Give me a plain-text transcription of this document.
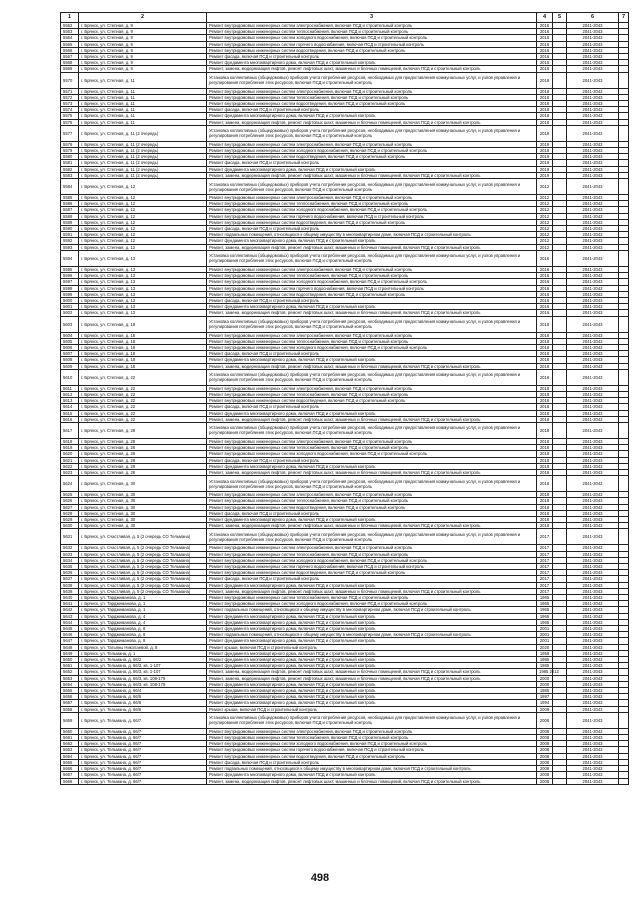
1	2	3	4	5	6	7
5562	г. Брянск, ул. Степная, д. 9	Ремонт внутридомовых инженерных систем электроснабжения, включая ПСД и строительный контроль	2016		2041-2043	
5563	г. Брянск, ул. Степная, д. 9	Ремонт внутридомовых инженерных систем теплоснабжения, включая ПСД и строительный контроль	2016		2041-2043	
5564	г. Брянск, ул. Степная, д. 9	Ремонт внутридомовых инженерных систем холодного водоснабжения, включая ПСД и строительный контроль	2016		2041-2043	
5565	г. Брянск, ул. Степная, д. 9	Ремонт внутридомовых инженерных систем горячего водоснабжения, включая ПСД и строительный контроль	2016		2041-2043	
5566	г. Брянск, ул. Степная, д. 9	Ремонт внутридомовых инженерных систем водоотведения, включая ПСД и строительный контроль	2016		2041-2043	
5567	г. Брянск, ул. Степная, д. 9	Ремонт фасада, включая ПСД и строительный контроль	2016		2041-2043	
5568	г. Брянск, ул. Степная, д. 9	Ремонт фундамента многоквартирного дома, включая ПСД и строительный контроль	2015		2041-2043	
5569	г. Брянск, ул. Степная, д. 9	Ремонт, замена, модернизация лифтов, ремонт лифтовых шахт, машинных и блочных помещений, включая ПСД и строительный контроль	2016		2041-2043	
5570	г. Брянск, ул. Степная, д. 11	Установка коллективных (общедомовых) приборов учета потребления ресурсов, необходимых для предоставления коммунальных услуг, и узлов управления и регулирования потребления этих ресурсов, включая ПСД и строительный контроль	2018		2041-2043	
5571	г. Брянск, ул. Степная, д. 11	Ремонт внутридомовых инженерных систем электроснабжения, включая ПСД и строительный контроль	2018		2041-2043	
5572	г. Брянск, ул. Степная, д. 11	Ремонт внутридомовых инженерных систем теплоснабжения, включая ПСД и строительный контроль	2018		2041-2043	
5573	г. Брянск, ул. Степная, д. 11	Ремонт внутридомовых инженерных систем водоотведения, включая ПСД и строительный контроль	2018		2041-2043	
5574	г. Брянск, ул. Степная, д. 11	Ремонт фасада, включая ПСД и строительный контроль	2018		2041-2043	
5575	г. Брянск, ул. Степная, д. 11	Ремонт фундамента многоквартирного дома, включая ПСД и строительный контроль	2018		2041-2043	
5576	г. Брянск, ул. Степная, д. 11	Ремонт, замена, модернизация лифтов, ремонт лифтовых шахт, машинных и блочных помещений, включая ПСД и строительный контроль	2018		2041-2043	
5577	г. Брянск, ул. Степная, д. 11 (2 очередь)	Установка коллективных (общедомовых) приборов учета потребления ресурсов, необходимых для предоставления коммунальных услуг, и узлов управления и регулирования потребления этих ресурсов, включая ПСД и строительный контроль	2019		2041-2043	
5578	г. Брянск, ул. Степная, д. 11 (2 очередь)	Ремонт внутридомовых инженерных систем электроснабжения, включая ПСД и строительный контроль	2019		2041-2043	
5579	г. Брянск, ул. Степная, д. 11 (2 очередь)	Ремонт внутридомовых инженерных систем холодного водоснабжения, включая ПСД и строительный контроль	2019		2041-2043	
5580	г. Брянск, ул. Степная, д. 11 (2 очередь)	Ремонт внутридомовых инженерных систем водоотведения, включая ПСД и строительный контроль	2019		2041-2043	
5581	г. Брянск, ул. Степная, д. 11 (2 очередь)	Ремонт фасада, включая ПСД и строительный контроль	2019		2041-2043	
5582	г. Брянск, ул. Степная, д. 11 (2 очередь)	Ремонт фундамента многоквартирного дома, включая ПСД и строительный контроль	2019		2041-2043	
5583	г. Брянск, ул. Степная, д. 11 (2 очередь)	Ремонт, замена, модернизация лифтов, ремонт лифтовых шахт, машинных и блочных помещений, включая ПСД и строительный контроль	2019		2041-2043	
5584	г. Брянск, ул. Степная, д. 12	Установка коллективных (общедомовых) приборов учета потребления ресурсов, необходимых для предоставления коммунальных услуг, и узлов управления и регулирования потребления этих ресурсов, включая ПСД и строительный контроль	2012		2041-2043	
5585	г. Брянск, ул. Степная, д. 12	Ремонт внутридомовых инженерных систем электроснабжения, включая ПСД и строительный контроль	2012		2041-2043	
5586	г. Брянск, ул. Степная, д. 12	Ремонт внутридомовых инженерных систем теплоснабжения, включая ПСД и строительный контроль	2012		2041-2043	
5587	г. Брянск, ул. Степная, д. 12	Ремонт внутридомовых инженерных систем холодного водоснабжения, включая ПСД и строительный контроль	2012		2041-2043	
5588	г. Брянск, ул. Степная, д. 12	Ремонт внутридомовых инженерных систем горячего водоснабжения, включая ПСД и строительный контроль	2012		2041-2043	
5589	г. Брянск, ул. Степная, д. 12	Ремонт внутридомовых инженерных систем водоотведения, включая ПСД и строительный контроль	2012		2041-2043	
5590	г. Брянск, ул. Степная, д. 12	Ремонт фасада, включая ПСД и строительный контроль	2012		2041-2043	
5591	г. Брянск, ул. Степная, д. 12	Ремонт подвальных помещений, относящихся к общему имуществу в многоквартирном доме, включая ПСД и строительный контроль	2012		2041-2043	
5592	г. Брянск, ул. Степная, д. 12	Ремонт фундамента многоквартирного дома, включая ПСД и строительный контроль	2012		2041-2043	
5593	г. Брянск, ул. Степная, д. 12	Ремонт, замена, модернизация лифтов, ремонт лифтовых шахт, машинных и блочных помещений, включая ПСД и строительный контроль	2012		2041-2043	
5594	г. Брянск, ул. Степная, д. 13	Установка коллективных (общедомовых) приборов учета потребления ресурсов, необходимых для предоставления коммунальных услуг, и узлов управления и регулирования потребления этих ресурсов, включая ПСД и строительный контроль	2016		2041-2043	
5595	г. Брянск, ул. Степная, д. 13	Ремонт внутридомовых инженерных систем электроснабжения, включая ПСД и строительный контроль	2016		2041-2043	
5596	г. Брянск, ул. Степная, д. 13	Ремонт внутридомовых инженерных систем теплоснабжения, включая ПСД и строительный контроль	2016		2041-2043	
5597	г. Брянск, ул. Степная, д. 13	Ремонт внутридомовых инженерных систем холодного водоснабжения, включая ПСД и строительный контроль	2016		2041-2043	
5598	г. Брянск, ул. Степная, д. 13	Ремонт внутридомовых инженерных систем горячего водоснабжения, включая ПСД и строительный контроль	2016		2041-2043	
5599	г. Брянск, ул. Степная, д. 13	Ремонт внутридомовых инженерных систем водоотведения, включая ПСД и строительный контроль	2016		2041-2043	
5600	г. Брянск, ул. Степная, д. 13	Ремонт фасада, включая ПСД и строительный контроль	2016		2041-2043	
5601	г. Брянск, ул. Степная, д. 13	Ремонт фундамента многоквартирного дома, включая ПСД и строительный контроль	2016		2041-2043	
5602	г. Брянск, ул. Степная, д. 13	Ремонт, замена, модернизация лифтов, ремонт лифтовых шахт, машинных и блочных помещений, включая ПСД и строительный контроль	2016		2041-2043	
5603	г. Брянск, ул. Степная, д. 18	Установка коллективных (общедомовых) приборов учета потребления ресурсов, необходимых для предоставления коммунальных услуг, и узлов управления и регулирования потребления этих ресурсов, включая ПСД и строительный контроль	2018		2041-2043	
5604	г. Брянск, ул. Степная, д. 18	Ремонт внутридомовых инженерных систем электроснабжения, включая ПСД и строительный контроль	2018		2041-2043	
5605	г. Брянск, ул. Степная, д. 18	Ремонт внутридомовых инженерных систем теплоснабжения, включая ПСД и строительный контроль	2018		2041-2043	
5606	г. Брянск, ул. Степная, д. 18	Ремонт внутридомовых инженерных систем холодного водоснабжения, включая ПСД и строительный контроль	2018		2041-2043	
5607	г. Брянск, ул. Степная, д. 18	Ремонт фасада, включая ПСД и строительный контроль	2018		2041-2043	
5608	г. Брянск, ул. Степная, д. 18	Ремонт фундамента многоквартирного дома, включая ПСД и строительный контроль	2018		2041-2043	
5609	г. Брянск, ул. Степная, д. 18	Ремонт, замена, модернизация лифтов, ремонт лифтовых шахт, машинных и блочных помещений, включая ПСД и строительный контроль	2018		2041-2043	
5610	г. Брянск, ул. Степная, д. 22	Установка коллективных (общедомовых) приборов учета потребления ресурсов, необходимых для предоставления коммунальных услуг, и узлов управления и регулирования потребления этих ресурсов, включая ПСД и строительный контроль	2018		2041-2043	
5611	г. Брянск, ул. Степная, д. 22	Ремонт внутридомовых инженерных систем электроснабжения, включая ПСД и строительный контроль	2018		2041-2043	
5612	г. Брянск, ул. Степная, д. 22	Ремонт внутридомовых инженерных систем теплоснабжения, включая ПСД и строительный контроль	2018		2041-2043	
5613	г. Брянск, ул. Степная, д. 22	Ремонт внутридомовых инженерных систем водоотведения, включая ПСД и строительный контроль	2018		2041-2043	
5614	г. Брянск, ул. Степная, д. 22	Ремонт фасада, включая ПСД и строительный контроль	2018		2041-2043	
5615	г. Брянск, ул. Степная, д. 22	Ремонт фундамента многоквартирного дома, включая ПСД и строительный контроль	2018		2041-2043	
5616	г. Брянск, ул. Степная, д. 22	Ремонт, замена, модернизация лифтов, ремонт лифтовых шахт, машинных и блочных помещений, включая ПСД и строительный контроль	2018		2041-2043	
5617	г. Брянск, ул. Степная, д. 28	Установка коллективных (общедомовых) приборов учета потребления ресурсов, необходимых для предоставления коммунальных услуг, и узлов управления и регулирования потребления этих ресурсов, включая ПСД и строительный контроль	2018		2041-2043	
5618	г. Брянск, ул. Степная, д. 28	Ремонт внутридомовых инженерных систем электроснабжения, включая ПСД и строительный контроль	2018		2041-2043	
5619	г. Брянск, ул. Степная, д. 28	Ремонт внутридомовых инженерных систем теплоснабжения, включая ПСД и строительный контроль	2018		2041-2043	
5620	г. Брянск, ул. Степная, д. 28	Ремонт внутридомовых инженерных систем холодного водоснабжения, включая ПСД и строительный контроль	2018		2041-2043	
5621	г. Брянск, ул. Степная, д. 28	Ремонт фасада, включая ПСД и строительный контроль	2018		2041-2043	
5622	г. Брянск, ул. Степная, д. 28	Ремонт фундамента многоквартирного дома, включая ПСД и строительный контроль	2018		2041-2043	
5623	г. Брянск, ул. Степная, д. 28	Ремонт, замена, модернизация лифтов, ремонт лифтовых шахт, машинных и блочных помещений, включая ПСД и строительный контроль	2018		2041-2043	
5624	г. Брянск, ул. Степная, д. 30	Установка коллективных (общедомовых) приборов учета потребления ресурсов, необходимых для предоставления коммунальных услуг, и узлов управления и регулирования потребления этих ресурсов, включая ПСД и строительный контроль	2018		2041-2043	
5625	г. Брянск, ул. Степная, д. 30	Ремонт внутридомовых инженерных систем электроснабжения, включая ПСД и строительный контроль	2018		2041-2043	
5626	г. Брянск, ул. Степная, д. 30	Ремонт внутридомовых инженерных систем теплоснабжения, включая ПСД и строительный контроль	2018		2041-2043	
5627	г. Брянск, ул. Степная, д. 30	Ремонт внутридомовых инженерных систем водоотведения, включая ПСД и строительный контроль	2018		2041-2043	
5628	г. Брянск, ул. Степная, д. 30	Ремонт фасада, включая ПСД и строительный контроль	2018		2041-2043	
5629	г. Брянск, ул. Степная, д. 30	Ремонт фундамента многоквартирного дома, включая ПСД и строительный контроль	2018		2041-2043	
5630	г. Брянск, ул. Степная, д. 30	Ремонт, замена, модернизация лифтов, ремонт лифтовых шахт, машинных и блочных помещений, включая ПСД и строительный контроль	2018		2041-2043	
5631	г. Брянск, ул. Счастливая, д. 5 (2 очередь СО Тельмана)	Установка коллективных (общедомовых) приборов учета потребления ресурсов, необходимых для предоставления коммунальных услуг, и узлов управления и регулирования потребления этих ресурсов, включая ПСД и строительный контроль	2017		2041-2043	
5632	г. Брянск, ул. Счастливая, д. 5 (2 очередь СО Тельмана)	Ремонт внутридомовых инженерных систем электроснабжения, включая ПСД и строительный контроль	2017		2041-2043	
5633	г. Брянск, ул. Счастливая, д. 5 (2 очередь СО Тельмана)	Ремонт внутридомовых инженерных систем теплоснабжения, включая ПСД и строительный контроль	2017		2041-2043	
5634	г. Брянск, ул. Счастливая, д. 5 (2 очередь СО Тельмана)	Ремонт внутридомовых инженерных систем холодного водоснабжения, включая ПСД и строительный контроль	2017		2041-2043	
5635	г. Брянск, ул. Счастливая, д. 5 (2 очередь СО Тельмана)	Ремонт внутридомовых инженерных систем горячего водоснабжения, включая ПСД и строительный контроль	2017		2041-2043	
5636	г. Брянск, ул. Счастливая, д. 5 (2 очередь СО Тельмана)	Ремонт внутридомовых инженерных систем водоотведения, включая ПСД и строительный контроль	2017		2041-2043	
5637	г. Брянск, ул. Счастливая, д. 5 (2 очередь СО Тельмана)	Ремонт фасада, включая ПСД и строительный контроль	2017		2041-2043	
5638	г. Брянск, ул. Счастливая, д. 5 (2 очередь СО Тельмана)	Ремонт фундамента многоквартирного дома, включая ПСД и строительный контроль	2017		2041-2043	
5639	г. Брянск, ул. Счастливая, д. 5 (2 очередь СО Тельмана)	Ремонт, замена, модернизация лифтов, ремонт лифтовых шахт, машинных и блочных помещений, включая ПСД и строительный контроль	2017		2041-2043	
5640	г. Брянск, ул. Тарджиманова, д. 1	Ремонт внутридомовых инженерных систем теплоснабжения, включая ПСД и строительный контроль	1965		2041-2043	
5641	г. Брянск, ул. Тарджиманова, д. 1	Ремонт внутридомовых инженерных систем холодного водоснабжения, включая ПСД и строительный контроль	1965		2041-2043	
5642	г. Брянск, ул. Тарджиманова, д. 1	Ремонт подвальных помещений, относящихся к общему имуществу в многоквартирном доме, включая ПСД и строительный контроль	1965		2041-2043	
5643	г. Брянск, ул. Тарджиманова, д. 4	Ремонт фундамента многоквартирного дома, включая ПСД и строительный контроль	1965		2041-2043	
5644	г. Брянск, ул. Тарджиманова, д. 4	Ремонт фундамента многоквартирного дома, включая ПСД и строительный контроль	1965		2041-2043	
5645	г. Брянск, ул. Тарджиманова, д. 8	Ремонт фундамента многоквартирного дома, включая ПСД и строительный контроль	2001		2041-2043	
5646	г. Брянск, ул. Тарджиманова, д. 8	Ремонт подвальных помещений, относящихся к общему имуществу в многоквартирном доме, включая ПСД и строительный контроль	2001		2041-2043	
5647	г. Брянск, ул. Тарджиманова, д. 8	Ремонт фундамента многоквартирного дома, включая ПСД и строительный контроль	2001		2041-2043	
5648	г. Брянск, ул. Татьяны Николаевой, д. 8	Ремонт крыши, включая ПСД и строительный контроль	2020		2041-2043	
5649	г. Брянск, ул. Тельмана, д. 1	Ремонт фундамента многоквартирного дома, включая ПСД и строительный контроль	1959		2041-2043	
5650	г. Брянск, ул. Тельмана, д. 66/2	Ремонт фундамента многоквартирного дома, включая ПСД и строительный контроль	1985		2041-2043	
5651	г. Брянск, ул. Тельмана, д. 66/3, кв. 1-107	Ремонт фундамента многоквартирного дома, включая ПСД и строительный контроль	1985		2041-2043	
5652	г. Брянск, ул. Тельмана, д. 66/3, кв. 1-107	Ремонт, замена, модернизация лифтов, ремонт лифтовых шахт, машинных и блочных помещений, включая ПСД и строительный контроль	1985 2012		2041-2043	
5653	г. Брянск, ул. Тельмана, д. 66/3, кв. 108-179	Ремонт, замена, модернизация лифтов, ремонт лифтовых шахт, машинных и блочных помещений, включая ПСД и строительный контроль	2000		2041-2043	
5654	г. Брянск, ул. Тельмана, д. 66/3, кв. 108-179	Ремонт фундамента многоквартирного дома, включая ПСД и строительный контроль	2000		2041-2043	
5655	г. Брянск, ул. Тельмана, д. 66/4	Ремонт фундамента многоквартирного дома, включая ПСД и строительный контроль	1985		2041-2043	
5656	г. Брянск, ул. Тельмана, д. 66/5	Ремонт фундамента многоквартирного дома, включая ПСД и строительный контроль	1997		2041-2043	
5657	г. Брянск, ул. Тельмана, д. 66/6	Ремонт фундамента многоквартирного дома, включая ПСД и строительный контроль	1994		2041-2043	
5658	г. Брянск, ул. Тельмана, д. 66/6	Ремонт крыши, включая ПСД и строительный контроль	2009		2041-2043	
5659	г. Брянск, ул. Тельмана, д. 66/7	Установка коллективных (общедомовых) приборов учета потребления ресурсов, необходимых для предоставления коммунальных услуг, и узлов управления и регулирования потребления этих ресурсов, включая ПСД и строительный контроль	2008		2041-2043	
5660	г. Брянск, ул. Тельмана, д. 66/7	Ремонт внутридомовых инженерных систем электроснабжения, включая ПСД и строительный контроль	2008		2041-2043	
5661	г. Брянск, ул. Тельмана, д. 66/7	Ремонт внутридомовых инженерных систем теплоснабжения, включая ПСД и строительный контроль	2008		2041-2043	
5662	г. Брянск, ул. Тельмана, д. 66/7	Ремонт внутридомовых инженерных систем холодного водоснабжения, включая ПСД и строительный контроль	2008		2041-2043	
5663	г. Брянск, ул. Тельмана, д. 66/7	Ремонт внутридомовых инженерных систем горячего водоснабжения, включая ПСД и строительный контроль	2008		2041-2043	
5664	г. Брянск, ул. Тельмана, д. 66/7	Ремонт внутридомовых инженерных систем водоотведения, включая ПСД и строительный контроль	2008		2041-2043	
5665	г. Брянск, ул. Тельмана, д. 66/7	Ремонт фасада, включая ПСД и строительный контроль	2008		2041-2043	
5666	г. Брянск, ул. Тельмана, д. 66/7	Ремонт подвальных помещений, относящихся к общему имуществу в многоквартирном доме, включая ПСД и строительный контроль	2008		2041-2043	
5667	г. Брянск, ул. Тельмана, д. 66/7	Ремонт фундамента многоквартирного дома, включая ПСД и строительный контроль	2008		2041-2043	
5668	г. Брянск, ул. Тельмана, д. 66/7	Ремонт, замена, модернизация лифтов, ремонт лифтовых шахт, машинных и блочных помещений, включая ПСД и строительный контроль	2008		2041-2043	
498
